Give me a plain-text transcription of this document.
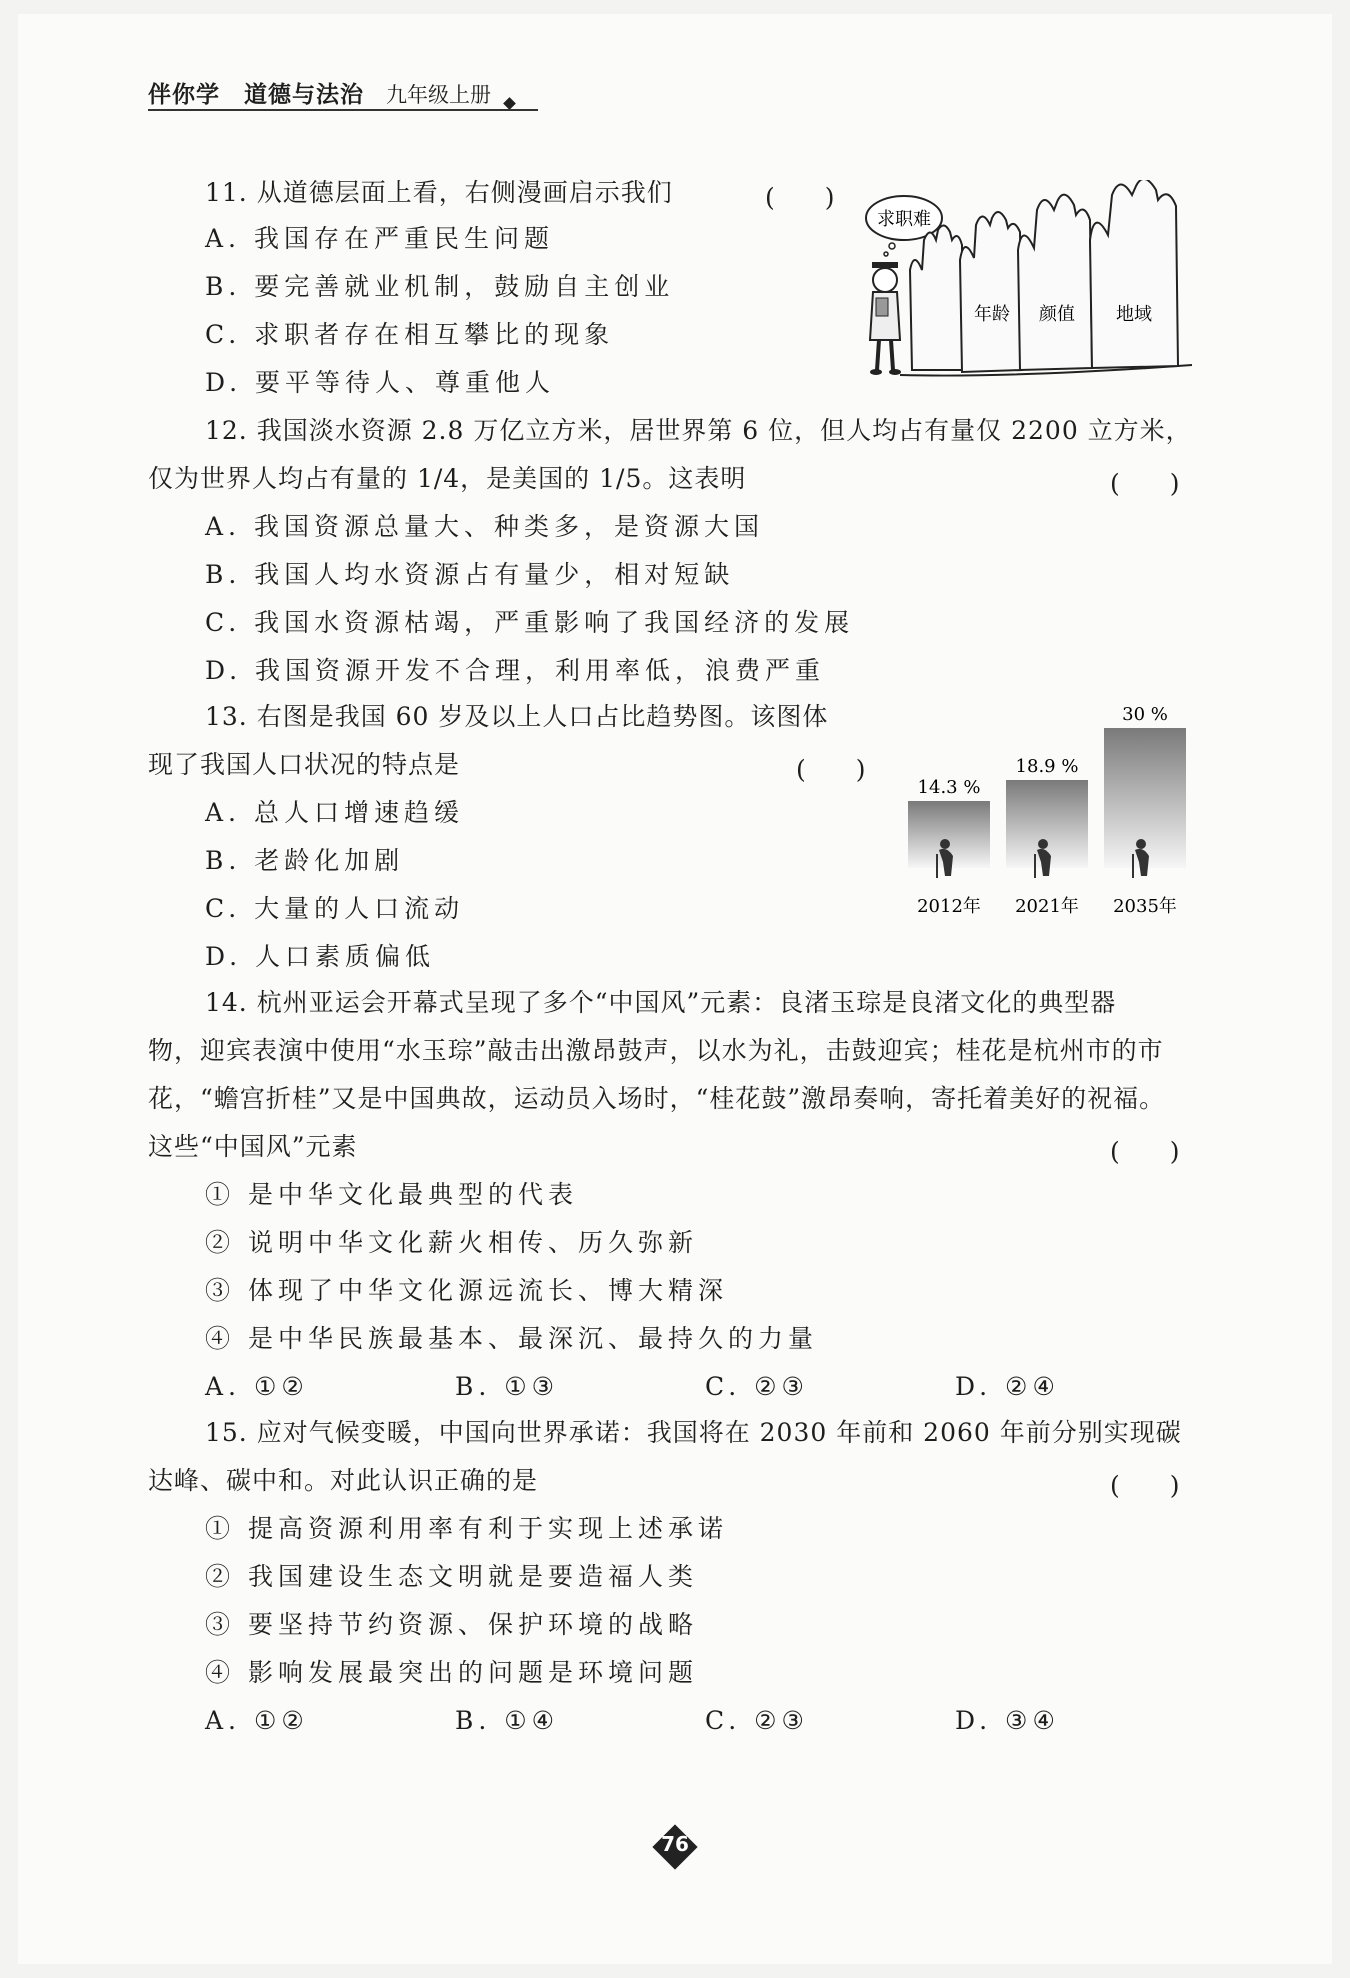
伴你学 道德与法治 九年级上册
11. 从道德层面上看，右侧漫画启示我们	(　　)
A. 我国存在严重民生问题
B. 要完善就业机制，鼓励自主创业
C. 求职者存在相互攀比的现象
D. 要平等待人、尊重他人
求职难
年龄 颜值 地域
12. 我国淡水资源 2.8 万亿立方米，居世界第 6 位，但人均占有量仅 2200 立方米，
仅为世界人均占有量的 1/4，是美国的 1/5。这表明	(　　)
A. 我国资源总量大、种类多，是资源大国
B. 我国人均水资源占有量少，相对短缺
C. 我国水资源枯竭，严重影响了我国经济的发展
D. 我国资源开发不合理，利用率低，浪费严重
13. 右图是我国 60 岁及以上人口占比趋势图。该图体
现了我国人口状况的特点是	(　　)
A. 总人口增速趋缓
B. 老龄化加剧
C. 大量的人口流动
D. 人口素质偏低
14.3 %
2012年
18.9 %
2021年
30 %
2035年
14. 杭州亚运会开幕式呈现了多个“中国风”元素：良渚玉琮是良渚文化的典型器
物，迎宾表演中使用“水玉琮”敲击出激昂鼓声，以水为礼，击鼓迎宾；桂花是杭州市的市
花，“蟾宫折桂”又是中国典故，运动员入场时，“桂花鼓”激昂奏响，寄托着美好的祝福。
这些“中国风”元素	(　　)
① 是中华文化最典型的代表
② 说明中华文化薪火相传、历久弥新
③ 体现了中华文化源远流长、博大精深
④ 是中华民族最基本、最深沉、最持久的力量
A. ①②	B. ①③	C. ②③	D. ②④
15. 应对气候变暖，中国向世界承诺：我国将在 2030 年前和 2060 年前分别实现碳
达峰、碳中和。对此认识正确的是	(　　)
① 提高资源利用率有利于实现上述承诺
② 我国建设生态文明就是要造福人类
③ 要坚持节约资源、保护环境的战略
④ 影响发展最突出的问题是环境问题
A. ①②	B. ①④	C. ②③	D. ③④
76
